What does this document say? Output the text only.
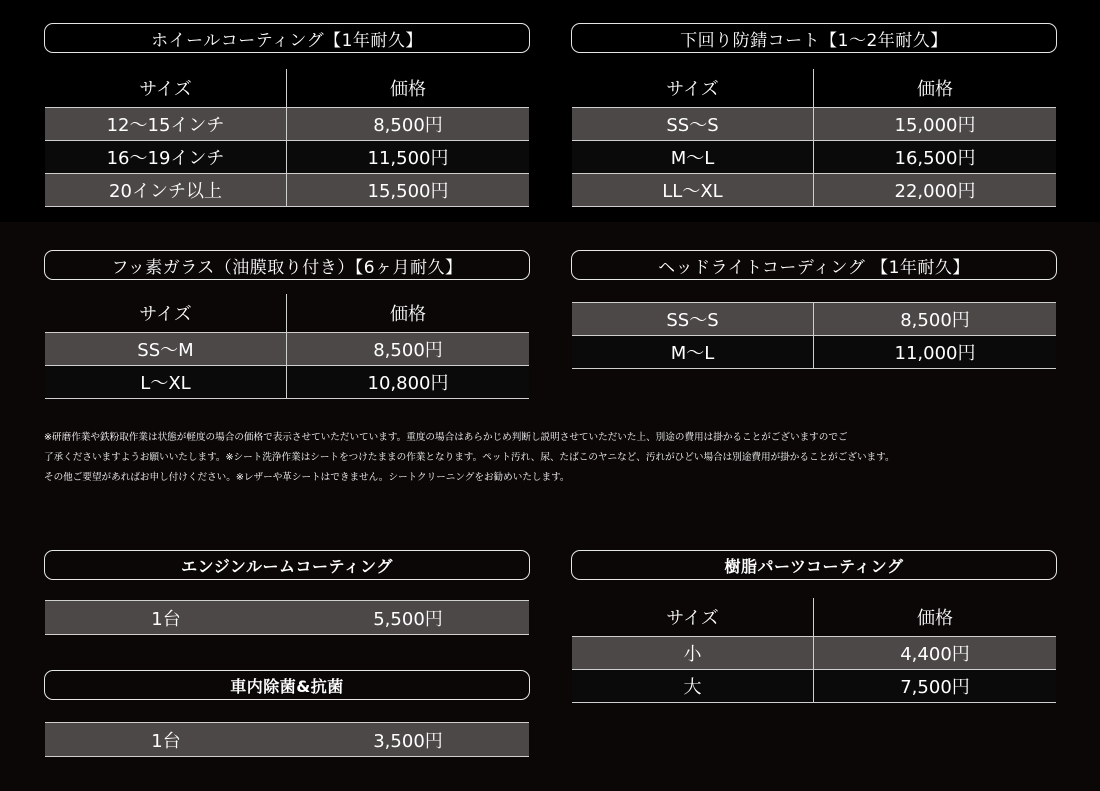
ホイールコーティング【1年耐久】
サイズ	価格
12〜15インチ	8,500円
16〜19インチ	11,500円
20インチ以上	15,500円
下回り防錆コート【1〜2年耐久】
サイズ	価格
SS〜S	15,000円
M〜L	16,500円
LL〜XL	22,000円
フッ素ガラス（油膜取り付き）【6ヶ月耐久】
サイズ	価格
SS〜M	8,500円
L〜XL	10,800円
ヘッドライトコーディング 【1年耐久】
SS〜S	8,500円
M〜L	11,000円
※研磨作業や鉄粉取作業は状態が軽度の場合の価格で表示させていただいています。重度の場合はあらかじめ判断し説明させていただいた上、別途の費用は掛かることがございますのでご
了承くださいますようお願いいたします。※シート洗浄作業はシートをつけたままの作業となります。ペット汚れ、尿、たばこのヤニなど、汚れがひどい場合は別途費用が掛かることがございます。
その他ご要望があればお申し付けください。※レザーや革シートはできません。シートクリーニングをお勧めいたします。
エンジンルームコーティング
1台	5,500円
車内除菌&抗菌
1台	3,500円
樹脂パーツコーティング
サイズ	価格
小	4,400円
大	7,500円
